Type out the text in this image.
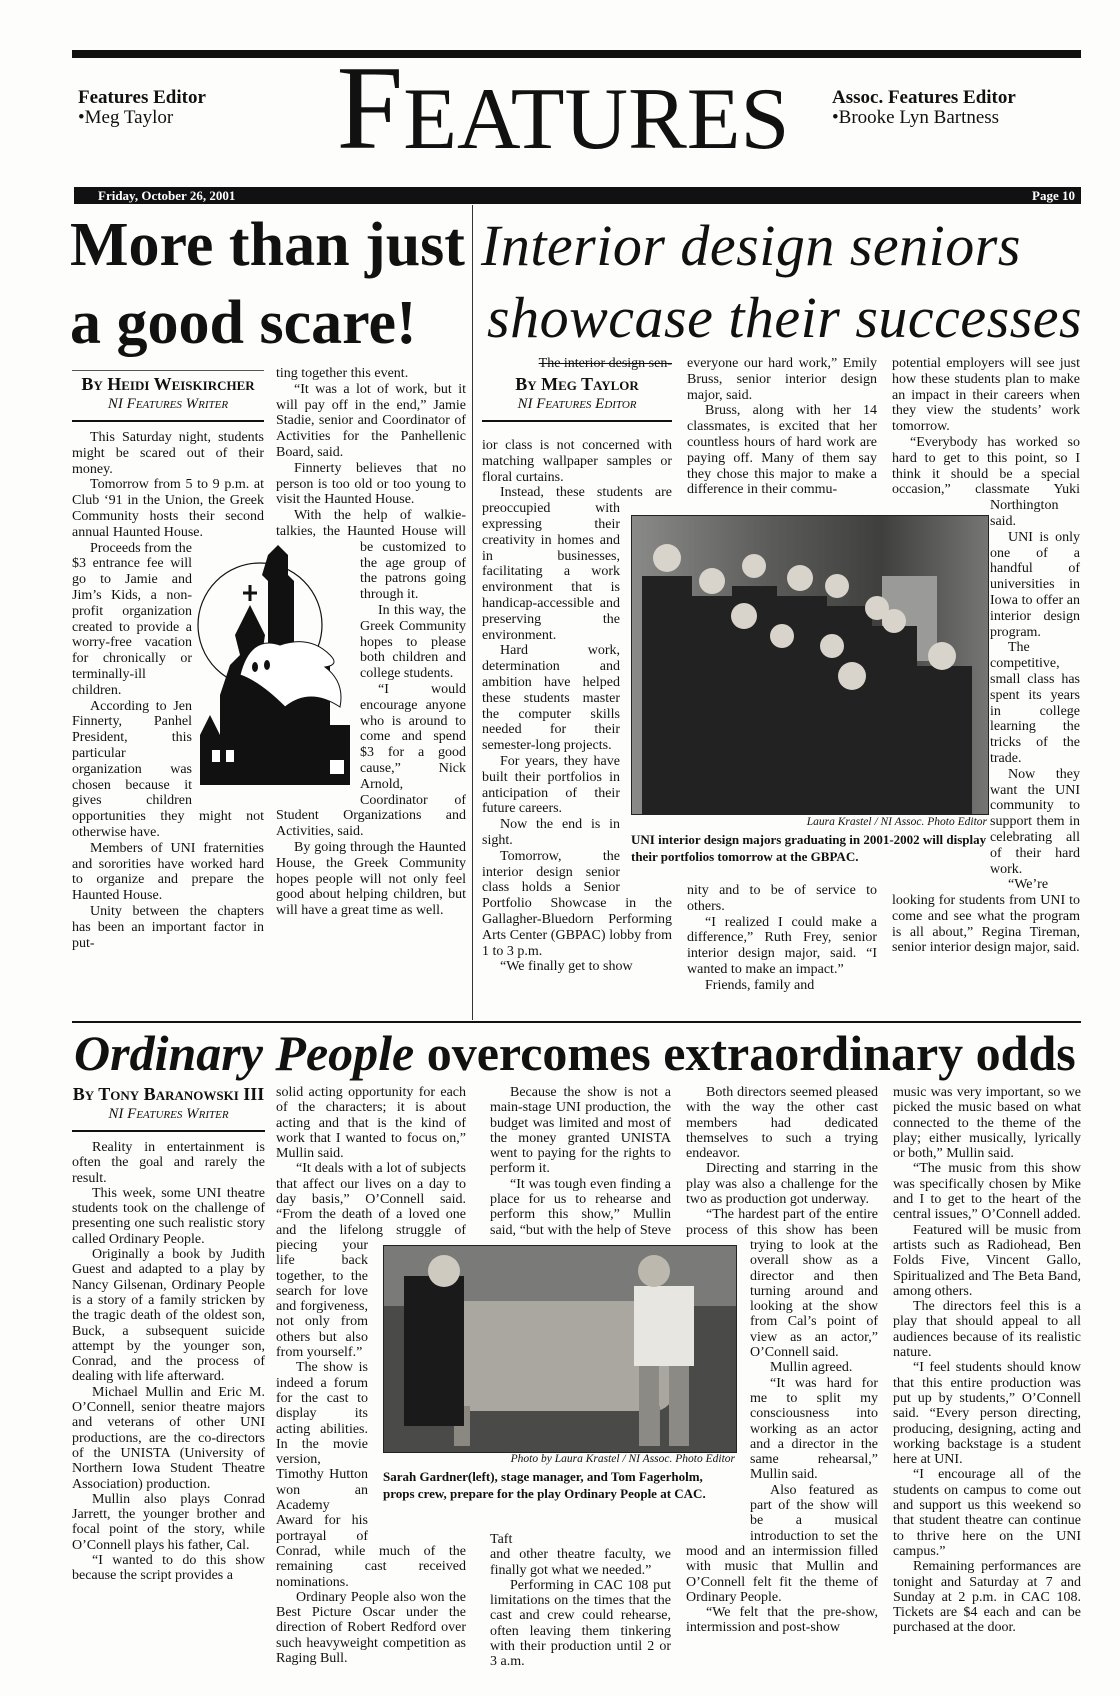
Features Editor
•Meg Taylor FEATURES	Assoc. Features Editor
•Brooke Lyn Bartness
Friday, October 26, 2001	Page 10
More than just
a good scare!
By Heidi Weiskircher
NI Features Writer

This Saturday night, students might be scared out of their money.

Tomorrow from 5 to 9 p.m. at Club ‘91 in the Union, the Greek Community hosts their second annual Haunted House.

Proceeds from the $3 entrance fee will go to Jamie and Jim’s Kids, a non-profit organization created to provide a worry-free vacation for chronically or terminally-ill children.

According to Jen Finnerty, Panhel President, this particular organization was chosen because it gives children opportunities they might not otherwise have.

Members of UNI fraternities and sororities have worked hard to organize and prepare the Haunted House.

Unity between the chapters has been an important factor in put-

ting together this event.

“It was a lot of work, but it will pay off in the end,” Jamie Stadie, senior and Coordinator of Activities for the Panhellenic Board, said.

Finnerty believes that no person is too old or too young to visit the Haunted House.

With the help of walkie-talkies, the Haunted House will be customized to the age group of the patrons going through it.

In this way, the Greek Community hopes to please both children and college students.

“I would encourage anyone who is around to come and spend $3 for a good cause,” Nick Arnold, Coordinator of Student Organizations and Activities, said.

By going through the Haunted House, the Greek Community hopes people will not only feel good about helping children, but will have a great time as well.

Interior design seniors
showcase their successes
The interior design sen-
By Meg Taylor
NI Features Editor

ior class is not concerned with matching wallpaper samples or floral curtains.

Instead, these students are preoccupied with expressing their creativity in homes and in businesses, facilitating a work environment that is handicap-accessible and preserving the environment.

Hard work, determination and ambition have helped these students master the computer skills needed for their semester-long projects.

For years, they have built their portfolios in anticipation of their future careers.

Now the end is in sight.

Tomorrow, the interior design senior class holds a Senior Portfolio Showcase in the Gallagher-Bluedorn Performing Arts Center (GBPAC) lobby from 1 to 3 p.m.

“We finally get to show

everyone our hard work,” Emily Bruss, senior interior design major, said.

Bruss, along with her 14 classmates, is excited that her countless hours of hard work are paying off. Many of them say they chose this major to make a difference in their commu-

nity and to be of service to others.

“I realized I could make a difference,” Ruth Frey, senior interior design major, said. “I wanted to make an impact.”

Friends, family and

potential employers will see just how these students plan to make an impact in their careers when they view the students’ work tomorrow.

“Everybody has worked so hard to get to this point, so I think it should be a special occasion,” classmate Yuki Northington said.

UNI is only one of a handful of universities in Iowa to offer an interior design program.

The competitive, small class has spent its years in college learning the tricks of the trade.

Now they want the UNI community to support them in celebrating all of their hard work.

“We’re looking for students from UNI to come and see what the program is all about,” Regina Tireman, senior interior design major, said.

Laura Krastel / NI Assoc. Photo Editor
UNI interior design majors graduating in 2001-2002 will display their portfolios tomorrow at the GBPAC.
Ordinary People overcomes extraordinary odds
By Tony Baranowski III
NI Features Writer

Reality in entertainment is often the goal and rarely the result.

This week, some UNI theatre students took on the challenge of presenting one such realistic story called Ordinary People.

Originally a book by Judith Guest and adapted to a play by Nancy Gilsenan, Ordinary People is a story of a family stricken by the tragic death of the oldest son, Buck, a subsequent suicide attempt by the younger son, Conrad, and the process of dealing with life afterward.

Michael Mullin and Eric M. O’Connell, senior theatre majors and veterans of other UNI productions, are the co-directors of the UNISTA (University of Northern Iowa Student Theatre Association) production.

Mullin also plays Conrad Jarrett, the younger brother and focal point of the story, while O’Connell plays his father, Cal.

“I wanted to do this show because the script provides a

solid acting opportunity for each of the characters; it is about acting and that is the kind of work that I wanted to focus on,” Mullin said.

“It deals with a lot of subjects that affect our lives on a day to day basis,” O’Connell said. “From the death of a loved one and the lifelong struggle of piecing your life back together, to the search for love and forgiveness, not only from others but also from yourself.”

The show is indeed a forum for the cast to display its acting abilities. In the movie version, Timothy Hutton won an Academy Award for his portrayal of Conrad, while much of the remaining cast received nominations.

Ordinary People also won the Best Picture Oscar under the direction of Robert Redford over such heavyweight competition as Raging Bull.

Because the show is not a main-stage UNI production, the budget was limited and most of the money granted UNISTA went to paying for the rights to perform it.

“It was tough even finding a place for us to rehearse and perform this show,” Mullin said, “but with the help of Steve Taft

and other theatre faculty, we finally got what we needed.”

Performing in CAC 108 put limitations on the times that the cast and crew could rehearse, often leaving them tinkering with their production until 2 or 3 a.m.

Both directors seemed pleased with the way the other cast members had dedicated themselves to such a trying endeavor.

Directing and starring in the play was also a challenge for the two as production got underway.

“The hardest part of the entire process of this show has been trying to look at the overall show as a director and then turning around and looking at the show from Cal’s point of view as an actor,” O’Connell said.

Mullin agreed.

“It was hard for me to split my consciousness into working as an actor and a director in the same rehearsal,” Mullin said.

Also featured as part of the show will be a musical introduction to set the mood and an intermission filled with music that Mullin and O’Connell felt fit the theme of Ordinary People.

“We felt that the pre-show, intermission and post-show

music was very important, so we picked the music based on what connected to the theme of the play; either musically, lyrically or both,” Mullin said.

“The music from this show was specifically chosen by Mike and I to get to the heart of the central issues,” O’Connell added.

Featured will be music from artists such as Radiohead, Ben Folds Five, Vincent Gallo, Spiritualized and The Beta Band, among others.

The directors feel this is a play that should appeal to all audiences because of its realistic nature.

“I feel students should know that this entire production was put up by students,” O’Connell said. “Every person directing, producing, designing, acting and working backstage is a student here at UNI.

“I encourage all of the students on campus to come out and support us this weekend so that student theatre can continue to thrive here on the UNI campus.”

Remaining performances are tonight and Saturday at 7 and Sunday at 2 p.m. in CAC 108. Tickets are $4 each and can be purchased at the door.

Photo by Laura Krastel / NI Assoc. Photo Editor
Sarah Gardner(left), stage manager, and Tom Fagerholm, props crew, prepare for the play Ordinary People at CAC.
